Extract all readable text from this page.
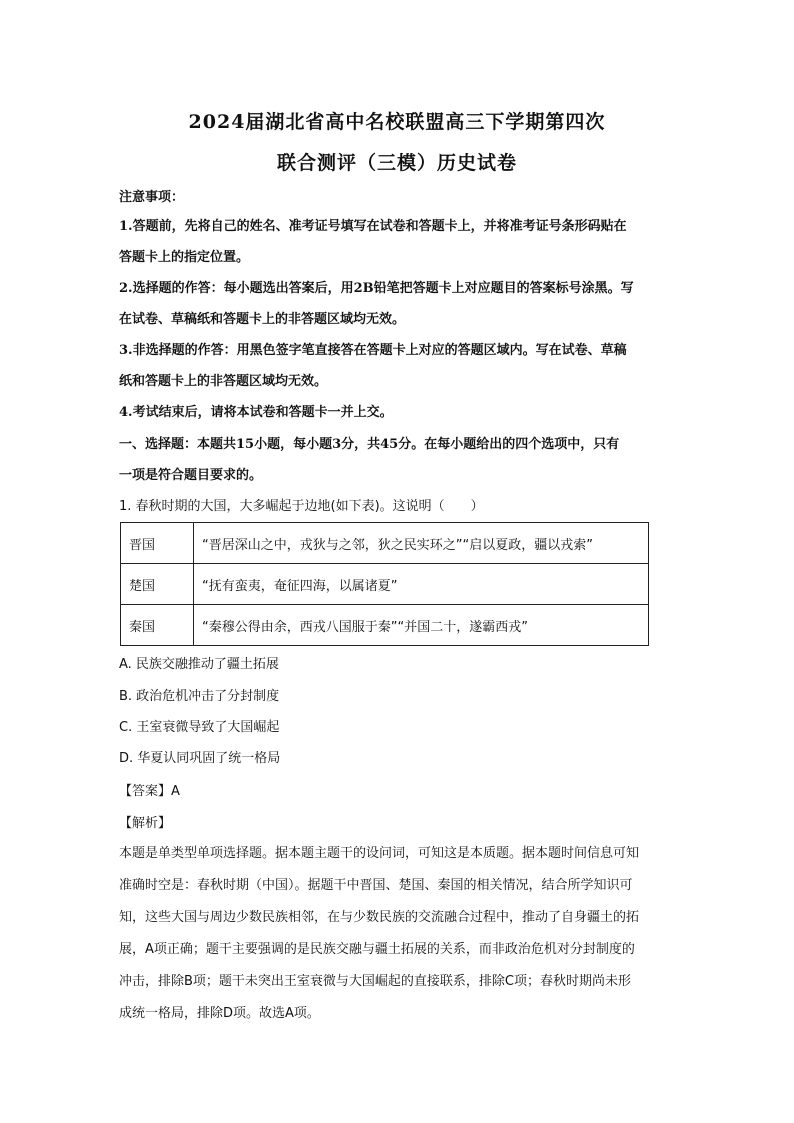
2024届湖北省高中名校联盟高三下学期第四次
联合测评（三模）历史试卷
注意事项：
1.答题前，先将自己的姓名、准考证号填写在试卷和答题卡上，并将准考证号条形码贴在
答题卡上的指定位置。
2.选择题的作答：每小题选出答案后，用2B铅笔把答题卡上对应题目的答案标号涂黑。写
在试卷、草稿纸和答题卡上的非答题区域均无效。
3.非选择题的作答：用黑色签字笔直接答在答题卡上对应的答题区域内。写在试卷、草稿
纸和答题卡上的非答题区域均无效。
4.考试结束后，请将本试卷和答题卡一并上交。
一、选择题：本题共15小题，每小题3分，共45分。在每小题给出的四个选项中，只有
一项是符合题目要求的。
1. 春秋时期的大国，大多崛起于边地(如下表)。这说明（　　）
晋国	“晋居深山之中，戎狄与之邻，狄之民实环之”“启以夏政，疆以戎索”
楚国	“抚有蛮夷，奄征四海，以属诸夏”
秦国	“秦穆公得由余，西戎八国服于秦”“并国二十，遂霸西戎”
A. 民族交融推动了疆土拓展
B. 政治危机冲击了分封制度
C. 王室衰微导致了大国崛起
D. 华夏认同巩固了统一格局
【答案】A
【解析】
本题是单类型单项选择题。据本题主题干的设问词，可知这是本质题。据本题时间信息可知
准确时空是：春秋时期（中国）。据题干中晋国、楚国、秦国的相关情况，结合所学知识可
知，这些大国与周边少数民族相邻，在与少数民族的交流融合过程中，推动了自身疆土的拓
展，A项正确；题干主要强调的是民族交融与疆土拓展的关系，而非政治危机对分封制度的
冲击，排除B项；题干未突出王室衰微与大国崛起的直接联系，排除C项；春秋时期尚未形
成统一格局，排除D项。故选A项。
